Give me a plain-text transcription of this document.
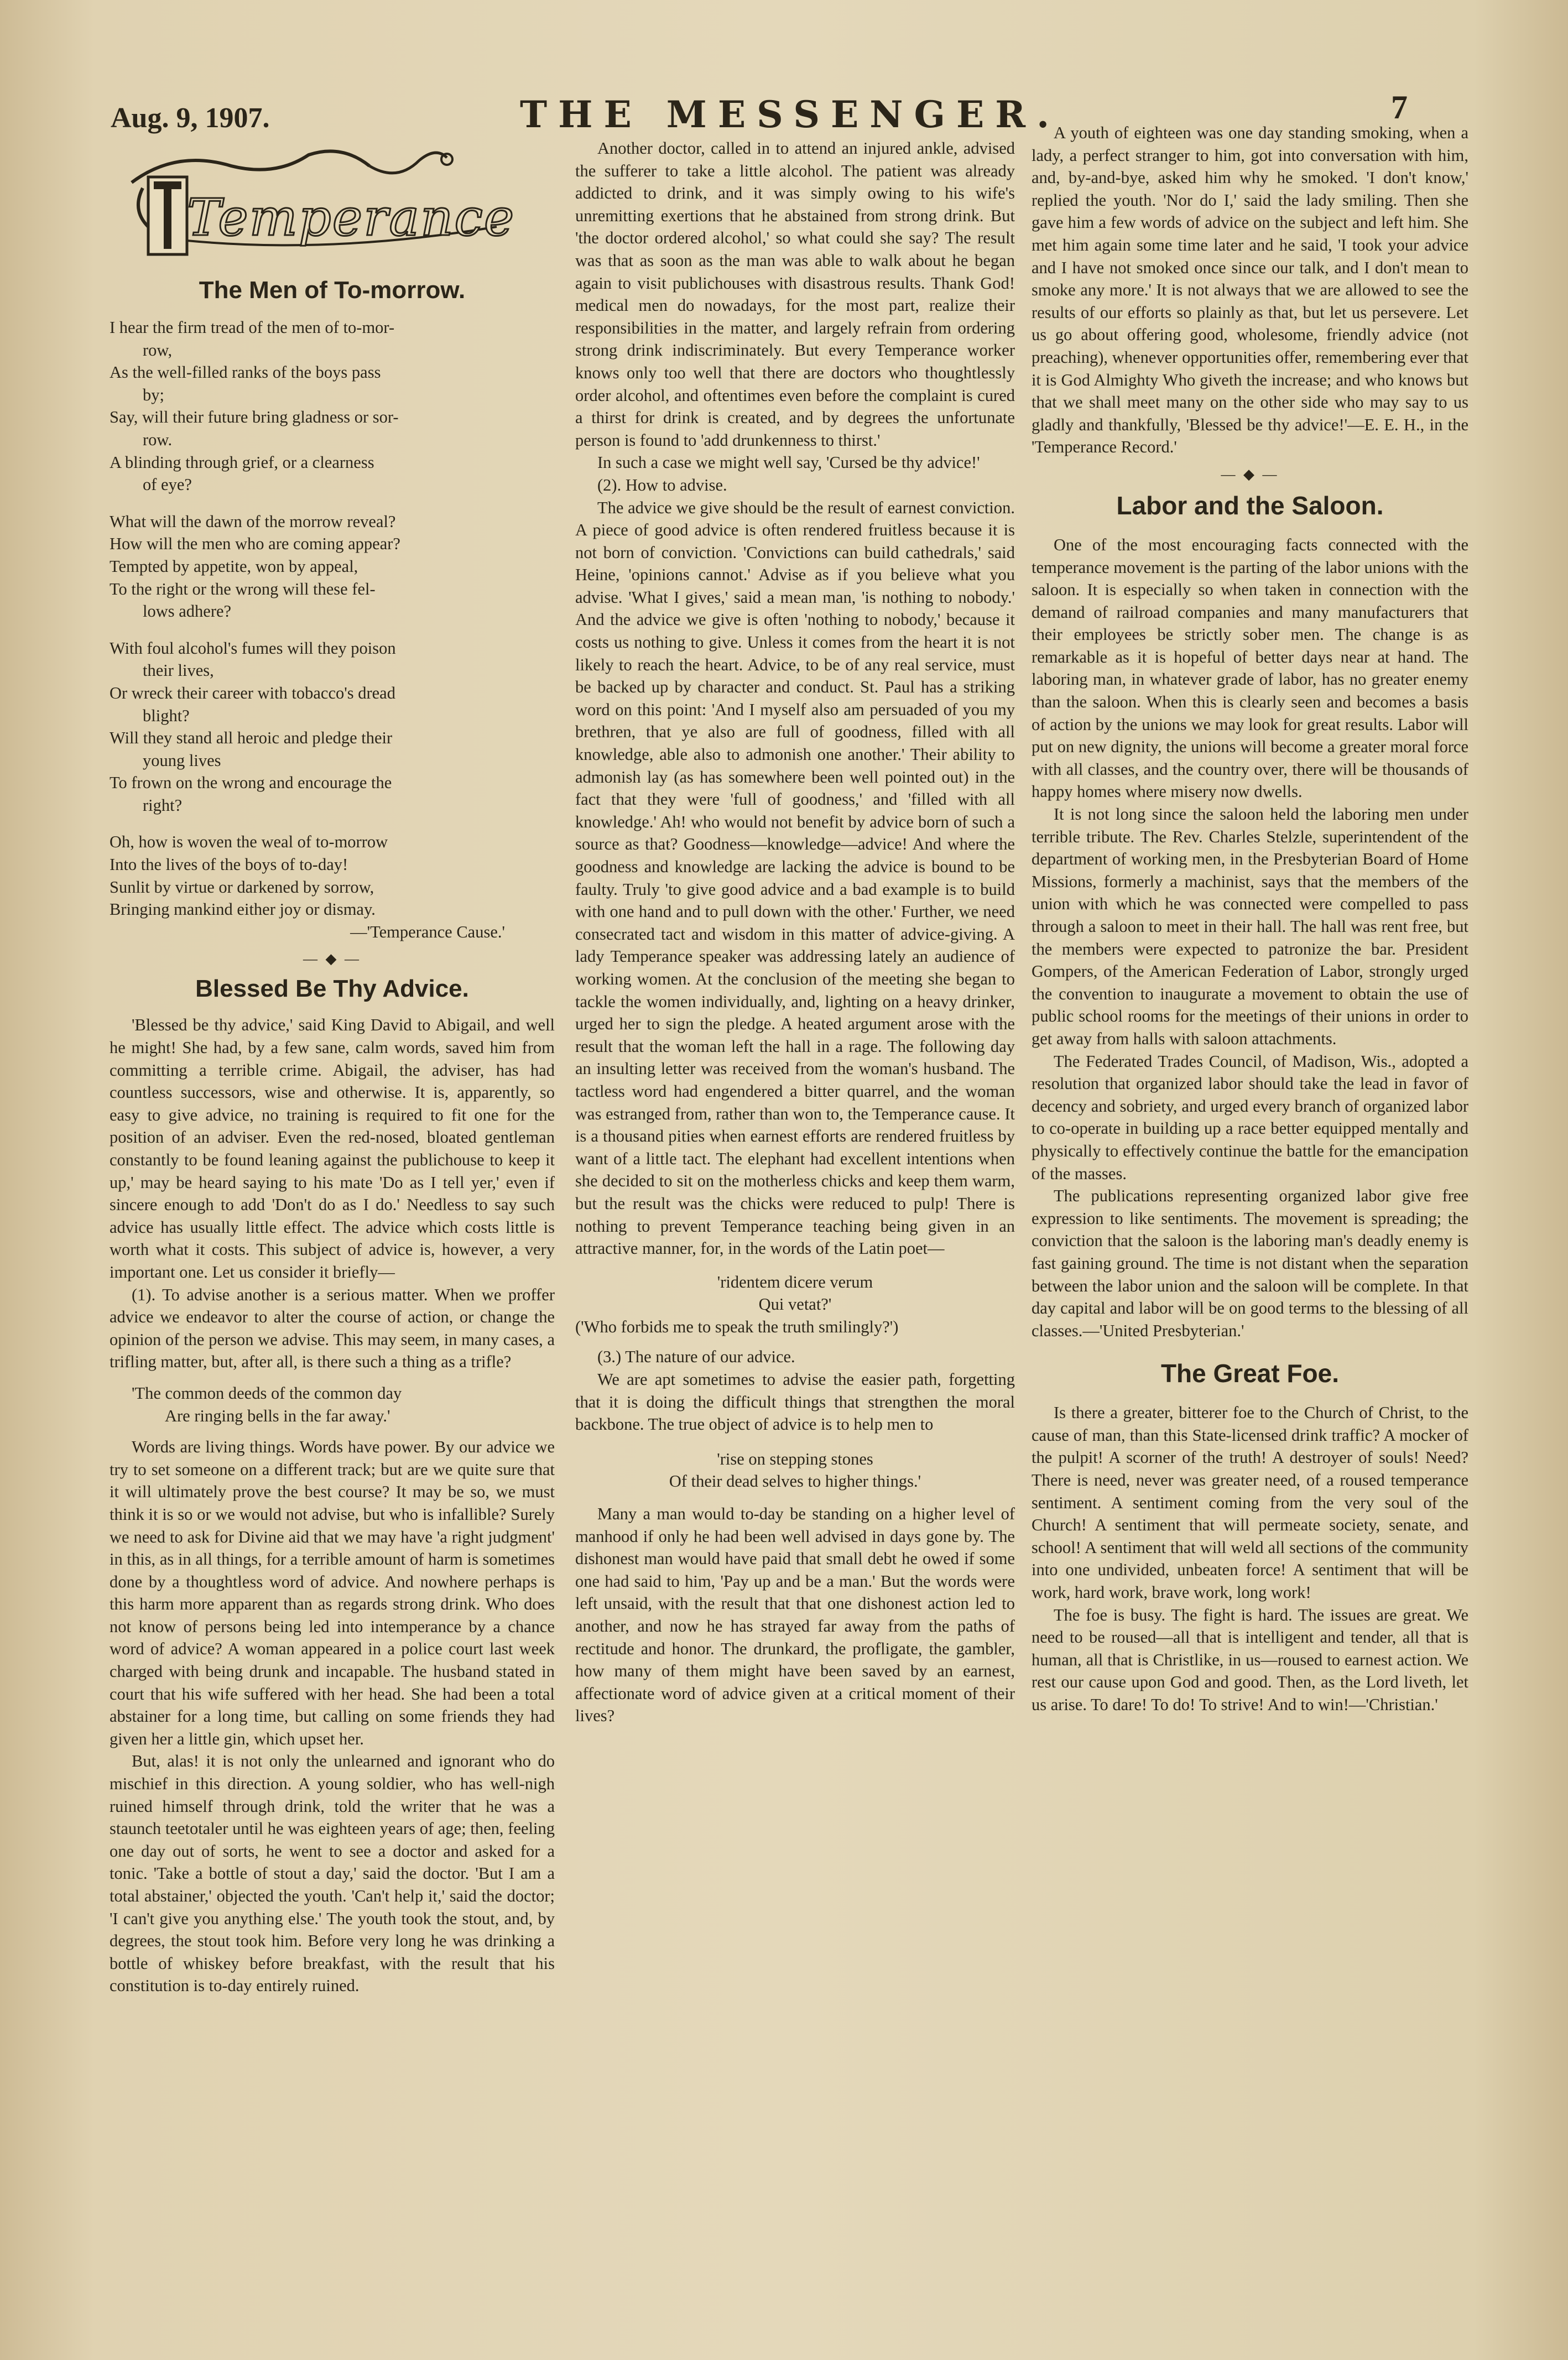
Aug. 9, 1907.	THE MESSENGER.	7
Temperance
The Men of To-morrow.
I hear the firm tread of the men of to-mor-
row,
As the well-filled ranks of the boys pass
by;
Say, will their future bring gladness or sor-
row.
A blinding through grief, or a clearness
of eye?
What will the dawn of the morrow reveal?
How will the men who are coming appear?
Tempted by appetite, won by appeal,
To the right or the wrong will these fel-
lows adhere?
With foul alcohol's fumes will they poison
their lives,
Or wreck their career with tobacco's dread
blight?
Will they stand all heroic and pledge their
young lives
To frown on the wrong and encourage the
right?
Oh, how is woven the weal of to-morrow
Into the lives of the boys of to-day!
Sunlit by virtue or darkened by sorrow,
Bringing mankind either joy or dismay.
—'Temperance Cause.'
— ◆ —
Blessed Be Thy Advice.

'Blessed be thy advice,' said King David to Abigail, and well he might! She had, by a few sane, calm words, saved him from committing a terrible crime. Abigail, the adviser, has had countless successors, wise and otherwise. It is, apparently, so easy to give advice, no training is required to fit one for the position of an adviser. Even the red-nosed, bloated gentleman constantly to be found leaning against the publichouse to keep it up,' may be heard saying to his mate 'Do as I tell yer,' even if sincere enough to add 'Don't do as I do.' Needless to say such advice has usually little effect. The advice which costs little is worth what it costs. This subject of advice is, however, a very important one. Let us consider it briefly—

(1). To advise another is a serious matter. When we proffer advice we endeavor to alter the course of action, or change the opinion of the person we advise. This may seem, in many cases, a trifling matter, but, after all, is there such a thing as a trifle?

'The common deeds of the common day
Are ringing bells in the far away.'

Words are living things. Words have power. By our advice we try to set someone on a different track; but are we quite sure that it will ultimately prove the best course? It may be so, we must think it is so or we would not advise, but who is infallible? Surely we need to ask for Divine aid that we may have 'a right judgment' in this, as in all things, for a terrible amount of harm is sometimes done by a thoughtless word of advice. And nowhere perhaps is this harm more apparent than as regards strong drink. Who does not know of persons being led into intemperance by a chance word of advice? A woman appeared in a police court last week charged with being drunk and incapable. The husband stated in court that his wife suffered with her head. She had been a total abstainer for a long time, but calling on some friends they had given her a little gin, which upset her.

But, alas! it is not only the unlearned and ignorant who do mischief in this direction. A young soldier, who has well-nigh ruined himself through drink, told the writer that he was a staunch teetotaler until he was eighteen years of age; then, feeling one day out of sorts, he went to see a doctor and asked for a tonic. 'Take a bottle of stout a day,' said the doctor. 'But I am a total abstainer,' objected the youth. 'Can't help it,' said the doctor; 'I can't give you anything else.' The youth took the stout, and, by degrees, the stout took him. Before very long he was drinking a bottle of whiskey before breakfast, with the result that his constitution is to-day entirely ruined.

Another doctor, called in to attend an injured ankle, advised the sufferer to take a little alcohol. The patient was already addicted to drink, and it was simply owing to his wife's unremitting exertions that he abstained from strong drink. But 'the doctor ordered alcohol,' so what could she say? The result was that as soon as the man was able to walk about he began again to visit publichouses with disastrous results. Thank God! medical men do nowadays, for the most part, realize their responsibilities in the matter, and largely refrain from ordering strong drink indiscriminately. But every Temperance worker knows only too well that there are doctors who thoughtlessly order alcohol, and oftentimes even before the complaint is cured a thirst for drink is created, and by degrees the unfortunate person is found to 'add drunkenness to thirst.'

In such a case we might well say, 'Cursed be thy advice!'

(2). How to advise.

The advice we give should be the result of earnest conviction. A piece of good advice is often rendered fruitless because it is not born of conviction. 'Convictions can build cathedrals,' said Heine, 'opinions cannot.' Advise as if you believe what you advise. 'What I gives,' said a mean man, 'is nothing to nobody.' And the advice we give is often 'nothing to nobody,' because it costs us nothing to give. Unless it comes from the heart it is not likely to reach the heart. Advice, to be of any real service, must be backed up by character and conduct. St. Paul has a striking word on this point: 'And I myself also am persuaded of you my brethren, that ye also are full of goodness, filled with all knowledge, able also to admonish one another.' Their ability to admonish lay (as has somewhere been well pointed out) in the fact that they were 'full of goodness,' and 'filled with all knowledge.' Ah! who would not benefit by advice born of such a source as that? Goodness—knowledge—advice! And where the goodness and knowledge are lacking the advice is bound to be faulty. Truly 'to give good advice and a bad example is to build with one hand and to pull down with the other.' Further, we need consecrated tact and wisdom in this matter of advice-giving. A lady Temperance speaker was addressing lately an audience of working women. At the conclusion of the meeting she began to tackle the women individually, and, lighting on a heavy drinker, urged her to sign the pledge. A heated argument arose with the result that the woman left the hall in a rage. The following day an insulting letter was received from the woman's husband. The tactless word had engendered a bitter quarrel, and the woman was estranged from, rather than won to, the Temperance cause. It is a thousand pities when earnest efforts are rendered fruitless by want of a little tact. The elephant had excellent intentions when she decided to sit on the motherless chicks and keep them warm, but the result was the chicks were reduced to pulp! There is nothing to prevent Temperance teaching being given in an attractive manner, for, in the words of the Latin poet—

'ridentem dicere verum

Qui vetat?'

('Who forbids me to speak the truth smilingly?')

(3.) The nature of our advice.

We are apt sometimes to advise the easier path, forgetting that it is doing the difficult things that strengthen the moral backbone. The true object of advice is to help men to

'rise on stepping stones

Of their dead selves to higher things.'

Many a man would to-day be standing on a higher level of manhood if only he had been well advised in days gone by. The dishonest man would have paid that small debt he owed if some one had said to him, 'Pay up and be a man.' But the words were left unsaid, with the result that that one dishonest action led to another, and now he has strayed far away from the paths of rectitude and honor. The drunkard, the profligate, the gambler, how many of them might have been saved by an earnest, affectionate word of advice given at a critical moment of their lives?

A youth of eighteen was one day standing smoking, when a lady, a perfect stranger to him, got into conversation with him, and, by-and-bye, asked him why he smoked. 'I don't know,' replied the youth. 'Nor do I,' said the lady smiling. Then she gave him a few words of advice on the subject and left him. She met him again some time later and he said, 'I took your advice and I have not smoked once since our talk, and I don't mean to smoke any more.' It is not always that we are allowed to see the results of our efforts so plainly as that, but let us persevere. Let us go about offering good, wholesome, friendly advice (not preaching), whenever opportunities offer, remembering ever that it is God Almighty Who giveth the increase; and who knows but that we shall meet many on the other side who may say to us gladly and thankfully, 'Blessed be thy advice!'—E. E. H., in the 'Temperance Record.'

— ◆ —
Labor and the Saloon.

One of the most encouraging facts connected with the temperance movement is the parting of the labor unions with the saloon. It is especially so when taken in connection with the demand of railroad companies and many manufacturers that their employees be strictly sober men. The change is as remarkable as it is hopeful of better days near at hand. The laboring man, in whatever grade of labor, has no greater enemy than the saloon. When this is clearly seen and becomes a basis of action by the unions we may look for great results. Labor will put on new dignity, the unions will become a greater moral force with all classes, and the country over, there will be thousands of happy homes where misery now dwells.

It is not long since the saloon held the laboring men under terrible tribute. The Rev. Charles Stelzle, superintendent of the department of working men, in the Presbyterian Board of Home Missions, formerly a machinist, says that the members of the union with which he was connected were compelled to pass through a saloon to meet in their hall. The hall was rent free, but the members were expected to patronize the bar. President Gompers, of the American Federation of Labor, strongly urged the convention to inaugurate a movement to obtain the use of public school rooms for the meetings of their unions in order to get away from halls with saloon attachments.

The Federated Trades Council, of Madison, Wis., adopted a resolution that organized labor should take the lead in favor of decency and sobriety, and urged every branch of organized labor to co-operate in building up a race better equipped mentally and physically to effectively continue the battle for the emancipation of the masses.

The publications representing organized labor give free expression to like sentiments. The movement is spreading; the conviction that the saloon is the laboring man's deadly enemy is fast gaining ground. The time is not distant when the separation between the labor union and the saloon will be complete. In that day capital and labor will be on good terms to the blessing of all classes.—'United Presbyterian.'

The Great Foe.

Is there a greater, bitterer foe to the Church of Christ, to the cause of man, than this State-licensed drink traffic? A mocker of the pulpit! A scorner of the truth! A destroyer of souls! Need? There is need, never was greater need, of a roused temperance sentiment. A sentiment coming from the very soul of the Church! A sentiment that will permeate society, senate, and school! A sentiment that will weld all sections of the community into one undivided, unbeaten force! A sentiment that will be work, hard work, brave work, long work!

The foe is busy. The fight is hard. The issues are great. We need to be roused—all that is intelligent and tender, all that is human, all that is Christlike, in us—roused to earnest action. We rest our cause upon God and good. Then, as the Lord liveth, let us arise. To dare! To do! To strive! And to win!—'Christian.'
